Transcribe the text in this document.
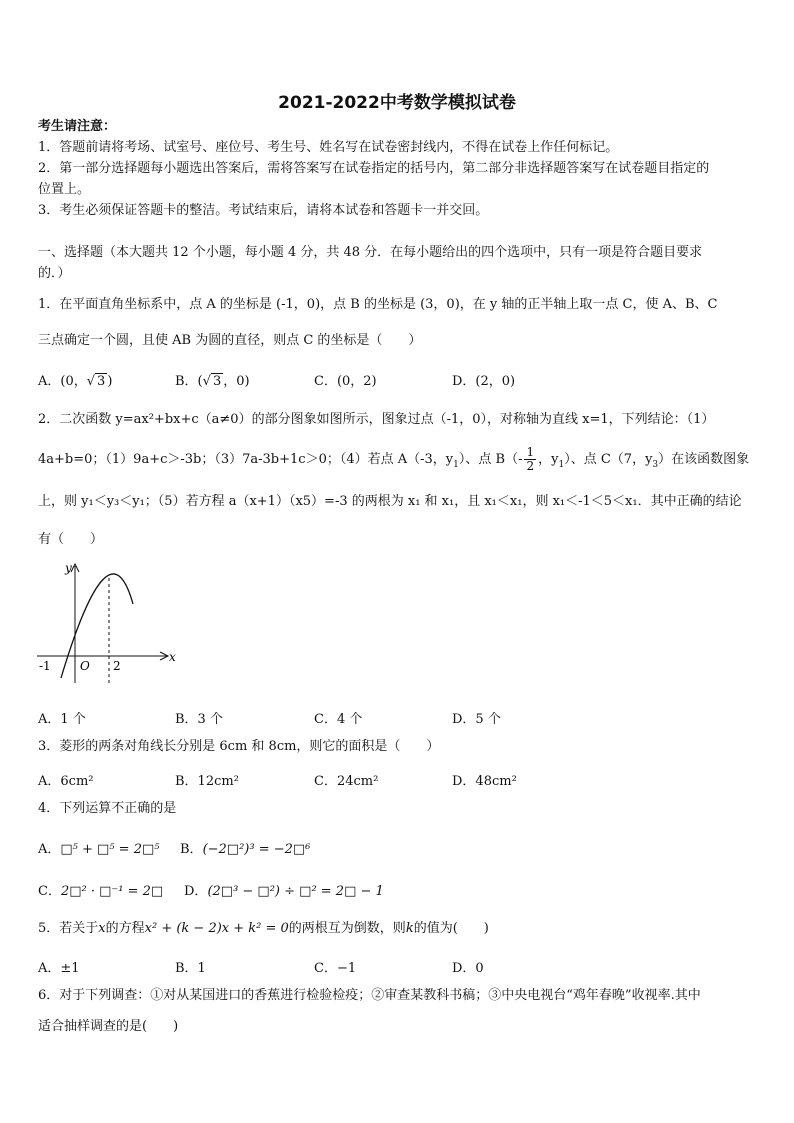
2021-2022中考数学模拟试卷
考生请注意：
1．答题前请将考场、试室号、座位号、考生号、姓名写在试卷密封线内，不得在试卷上作任何标记。
2．第一部分选择题每小题选出答案后，需将答案写在试卷指定的括号内，第二部分非选择题答案写在试卷题目指定的
位置上。
3．考生必须保证答题卡的整洁。考试结束后，请将本试卷和答题卡一并交回。
一、选择题（本大题共 12 个小题，每小题 4 分，共 48 分．在每小题给出的四个选项中，只有一项是符合题目要求
的．）
1．在平面直角坐标系中，点 A 的坐标是 (-1，0)，点 B 的坐标是 (3，0)，在 y 轴的正半轴上取一点 C，使 A、B、C
三点确定一个圆，且使 AB 为圆的直径，则点 C 的坐标是（　　）
A．(0，√ 3 )	B．(√ 3 ，0)	C．(0，2)	D．(2，0)
2．二次函数 y=ax²+bx+c（a≠0）的部分图象如图所示，图象过点（-1，0），对称轴为直线 x=1，下列结论：（1）
4a+b=0；（1）9a+c＞-3b；（3）7a-3b+1c＞0；（4）若点 A（-3，$y_1$）、点 $B(- \frac{1}{2}$ ，$y_1$）、点 C（7，$y_3$）在该函数图象
上，则 y₁＜y₃＜y₁；（5）若方程 a（x+1）（x5）=-3 的两根为 x₁ 和 x₁，且 x₁＜x₁，则 x₁＜-1＜5＜x₁．其中正确的结论
有（　　）
y
x
O
-1	2
A．1 个	B．3 个	C．4 个	D．5 个
3．菱形的两条对角线长分别是 6cm 和 8cm，则它的面积是（　　）
A．6cm²	B．12cm²	C．24cm²	D．48cm²
4．下列运算不正确的是
A．□⁵ + □⁵ = 2□⁵ B．(−2□²)³ = −2□⁶
C．2□² · □⁻¹ = 2□ D．(2□³ − □²) ÷ □² = 2□ − 1
5．若关于x的方程x² + (k − 2)x + k² = 0的两根互为倒数，则k的值为(　　)
A．±1	B．1	C．−1	D．0
6．对于下列调查：①对从某国进口的香蕉进行检验检疫；②审查某教科书稿；③中央电视台“鸡年春晚”收视率.其中
适合抽样调查的是(　　)
